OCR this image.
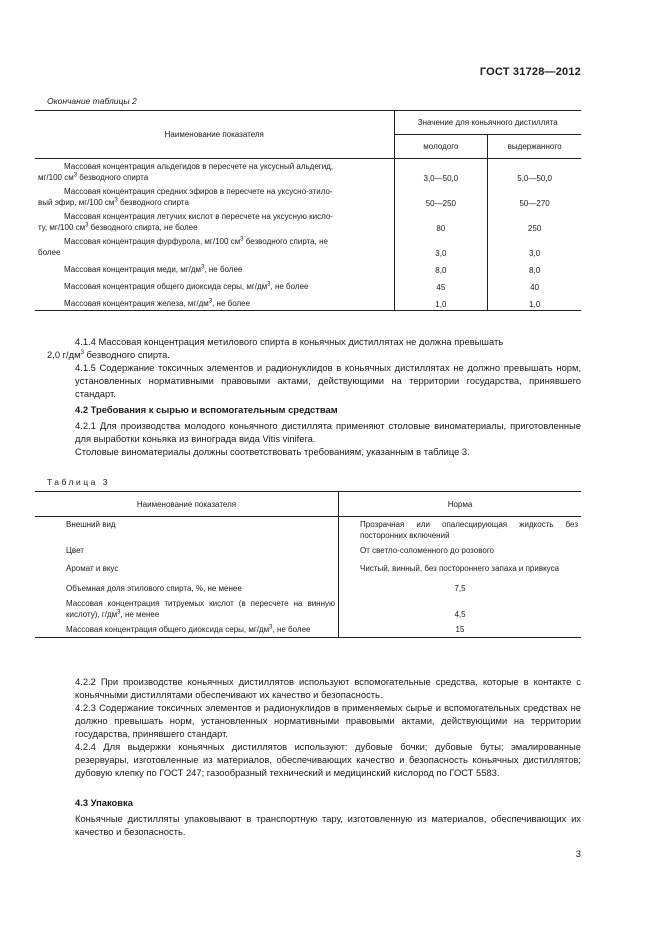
ГОСТ 31728—2012
Окончание таблицы 2
Наименование показателя	Значение для коньячного дистиллята	
	молодого	выдержанного

Массовая концентрация альдегидов в пересчете на уксусный альдегид,
мг/100 $см^3$ безводного спирта	3,0—50,0	5,0—50,0

Массовая концентрация средних эфиров в пересчете на уксусно-этило-
вый эфир, мг/100 $см^3$ безводного спирта	50—250	50—270

Массовая концентрация летучих кислот в пересчете на уксусную кисло-
ту, мг/100 $см^3$ безводного спирта, не более	80	250

Массовая концентрация фурфурола, мг/100 $см^3$ безводного спирта, не
более	3,0	3,0

Массовая концентрация меди, $мг/дм^3$, не более	8,0	8,0

Массовая концентрация общего диоксида серы, $мг/дм^3$, не более	45	40

Массовая концентрация железа, $мг/дм^3$, не более	1,0	1,0
4.1.4 Массовая концентрация метилового спирта в коньячных дистиллятах не должна превышать
2,0 $г/дм^3$ безводного спирта.
4.1.5 Содержание токсичных элементов и радионуклидов в коньячных дистиллятах не должно превышать норм, установленных нормативными правовыми актами, действующими на территории государства, принявшего стандарт.
4.2 Требования к сырью и вспомогательным средствам
4.2.1 Для производства молодого коньячного дистиллята применяют столовые виноматериалы, приготовленные для выработки коньяка из винограда вида Vitis vinifera.
Столовые виноматериалы должны соответствовать требованиям, указанным в таблице 3.
Таблица 3
Наименование показателя	Норма

Внешний вид	Прозрачная или опалесцирующая жидкость без посторонних включений

Цвет	От светло-соломенного до розового

Аромат и вкус	Чистый, винный, без постороннего запаха и привкуса

Объемная доля этилового спирта, %, не менее	7,5

Массовая концентрация титруемых кислот (в пересчете на винную кислоту), $г/дм^3$, не менее	4,5

Массовая концентрация общего диоксида серы, $мг/дм^3$, не более	15
4.2.2 При производстве коньячных дистиллятов используют вспомогательные средства, которые в контакте с коньячными дистиллятами обеспечивают их качество и безопасность.
4.2.3 Содержание токсичных элементов и радионуклидов в применяемых сырье и вспомогательных средствах не должно превышать норм, установленных нормативными правовыми актами, действующими на территории государства, принявшего стандарт.
4.2.4 Для выдержки коньячных дистиллятов используют: дубовые бочки; дубовые буты; эмалированные резервуары, изготовленные из материалов, обеспечивающих качество и безопасность коньячных дистиллятов; дубовую клепку по ГОСТ 247; газообразный технический и медицинский кислород по ГОСТ 5583.
4.3 Упаковка
Коньячные дистилляты упаковывают в транспортную тару, изготовленную из материалов, обеспечивающих их качество и безопасность.
3
